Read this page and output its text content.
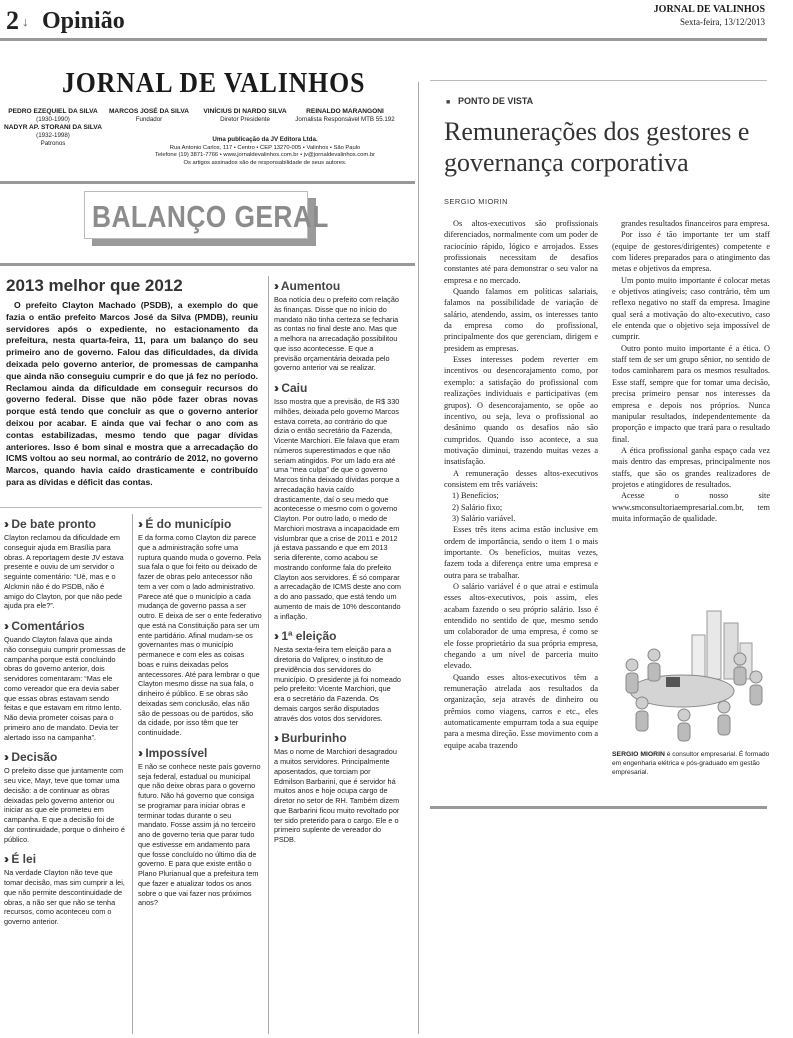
2 ↓ Opinião	JORNAL DE VALINHOS
Sexta-feira, 13/12/2013
JORNAL DE VALINHOS
PEDRO EZEQUIEL DA SILVA
(1930-1990)
NADYR AP. STORANI DA SILVA
(1932-1998)
Patronos
MARCOS JOSÉ DA SILVA
Fundador
VINÍCIUS DI NARDO SILVA
Diretor Presidente
REINALDO MARANGONI
Jornalista Responsável MTB 55.192
Uma publicação da JV Editora Ltda.
Rua Antonio Carlos, 117 • Centro • CEP 13270-005 • Valinhos • São Paulo
Telefone (19) 3871-7766 • www.jornaldevalinhos.com.br • jv@jornaldevalinhos.com.br
Os artigos assinados são de responsabilidade de seus autores.
BALANÇO GERAL
2013 melhor que 2012

O prefeito Clayton Machado (PSDB), a exemplo do que fazia o então prefeito Marcos José da Silva (PMDB), reuniu servidores após o expediente, no estacionamento da prefeitura, nesta quarta-feira, 11, para um balanço do seu primeiro ano de governo. Falou das dificuldades, da dívida deixada pelo governo anterior, de promessas de campanha que ainda não conseguiu cumprir e do que já fez no período. Reclamou ainda da dificuldade em conseguir recursos do governo federal. Disse que não pôde fazer obras novas porque está tendo que concluir as que o governo anterior deixou por acabar. E ainda que vai fechar o ano com as contas estabilizadas, mesmo tendo que pagar dívidas anteriores. Isso é bom sinal e mostra que a arrecadação do ICMS voltou ao seu normal, ao contrário de 2012, no governo Marcos, quando havia caído drasticamente e contribuído para as dívidas e déficit das contas.

›› De bate pronto
Clayton reclamou da dificuldade em conseguir ajuda em Brasília para obras. A reportagem deste JV estava presente e ouviu de um servidor o seguinte comentário: “Ué, mas e o Alckmin não é do PSDB, não é amigo do Clayton, por que não pede ajuda pra ele?”.
›› Comentários
Quando Clayton falava que ainda não conseguiu cumprir promessas de campanha porque está concluindo obras do governo anterior, dois servidores comentaram: “Mas ele como vereador que era devia saber que essas obras estavam sendo feitas e que estavam em ritmo lento. Não devia prometer coisas para o primeiro ano de mandato. Devia ter alertado isso na campanha”.
›› Decisão
O prefeito disse que juntamente com seu vice, Mayr, teve que tomar uma decisão: a de continuar as obras deixadas pelo governo anterior ou iniciar as que ele prometeu em campanha. E que a decisão foi de dar continuidade, porque o dinheiro é público.
›› É lei
Na verdade Clayton não teve que tomar decisão, mas sim cumprir a lei, que não permite descontinuidade de obras, a não ser que não se tenha recursos, como aconteceu com o governo anterior.
›› É do município
E da forma como Clayton diz parece que a administração sofre uma ruptura quando muda o governo. Pela sua fala o que foi feito ou deixado de fazer de obras pelo antecessor não tem a ver com o lado administrativo. Parece até que o município a cada mudança de governo passa a ser outro. E deixa de ser o ente federativo que está na Constituição para ser um ente partidário. Afinal mudam-se os governantes mas o município permanece e com eles as coisas boas e ruins deixadas pelos antecessores. Até para lembrar o que Clayton mesmo disse na sua fala, o dinheiro é público. E se obras são deixadas sem conclusão, elas não são de pessoas ou de partidos, são da cidade, por isso têm que ter continuidade.
›› Impossível
E não se conhece neste país governo seja federal, estadual ou municipal que não deixe obras para o governo futuro. Não há governo que consiga se programar para iniciar obras e terminar todas durante o seu mandato. Fosse assim já no terceiro ano de governo teria que parar tudo que estivesse em andamento para que fosse concluído no último dia de governo. E para que existe então o Plano Plurianual que a prefeitura tem que fazer e atualizar todos os anos sobre o que vai fazer nos próximos anos?
›› Aumentou
Boa notícia deu o prefeito com relação às finanças. Disse que no início do mandato não tinha certeza se fecharia as contas no final deste ano. Mas que a melhora na arrecadação possibilitou que isso acontecesse. E que a previsão orçamentária deixada pelo governo anterior vai se realizar.
›› Caiu
Isso mostra que a previsão, de R$ 330 milhões, deixada pelo governo Marcos estava correta, ao contrário do que dizia o então secretário da Fazenda, Vicente Marchiori. Ele falava que eram números superestimados e que não seriam atingidos. Por um lado era até uma “mea culpa” de que o governo Marcos tinha deixado dívidas porque a arrecadação havia caído drasticamente, daí o seu medo que acontecesse o mesmo com o governo Clayton. Por outro lado, o medo de Marchiori mostrava a incapacidade em vislumbrar que a crise de 2011 e 2012 já estava passando e que em 2013 seria diferente, como acabou se mostrando conforme fala do prefeito Clayton aos servidores. É só comparar a arrecadação de ICMS deste ano com a do ano passado, que está tendo um aumento de mais de 10% descontando a inflação.
›› 1ª eleição
Nesta sexta-feira tem eleição para a diretoria do Valiprev, o instituto de previdência dos servidores do município. O presidente já foi nomeado pelo prefeito: Vicente Marchiori, que era o secretário da Fazenda. Os demais cargos serão disputados através dos votos dos servidores.
›› Burburinho
Mas o nome de Marchiori desagradou a muitos servidores. Principalmente aposentados, que torciam por Edmilson Barbarini, que é servidor há muitos anos e hoje ocupa cargo de diretor no setor de RH. Também dizem que Barbarini ficou muito revoltado por ter sido preterido para o cargo. Ele e o primeiro suplente de vereador do PSDB.
■ PONTO DE VISTA
Remunerações dos gestores e governança corporativa
SERGIO MIORIN

Os altos-executivos são profissionais diferenciados, normalmente com um poder de raciocínio rápido, lógico e arrojados. Esses profissionais necessitam de desafios constantes até para demonstrar o seu valor na empresa e no mercado.

Quando falamos em políticas salariais, falamos na possibilidade de variação de salário, atendendo, assim, os interesses tanto da empresa como do profissional, principalmente dos que gerenciam, dirigem e presidem as empresas.

Esses interesses podem reverter em incentivos ou desencorajamento como, por exemplo: a satisfação do profissional com realizações individuais e participativas (em grupos). O desencorajamento, se opõe ao incentivo, ou seja, leva o profissional ao desânimo quando os desafios não são cumpridos. Quando isso acontece, a sua motivação diminui, trazendo muitas vezes a insatisfação.

A remuneração desses altos-executivos consistem em três variáveis:

1) Benefícios;

2) Salário fixo;

3) Salário variável.

Esses três itens acima estão inclusive em ordem de importância, sendo o item 1 o mais importante. Os benefícios, muitas vezes, fazem toda a diferença entre uma empresa e outra para se trabalhar.

O salário variável é o que atrai e estimula esses altos-executivos, pois assim, eles acabam fazendo o seu próprio salário. Isso é entendido no sentido de que, mesmo sendo um colaborador de uma empresa, é como se ele fosse proprietário da sua própria empresa, chegando a um nível de parceria muito elevado.

Quando esses altos-executivos têm a remuneração atrelada aos resultados da organização, seja através de dinheiro ou prêmios como viagens, carros e etc., eles automaticamente empurram toda a sua equipe para a mesma direção. Esse movimento com a equipe acaba trazendo

grandes resultados financeiros para empresa.

Por isso é tão importante ter um staff (equipe de gestores/dirigentes) competente e com líderes preparados para o atingimento das metas e objetivos da empresa.

Um ponto muito importante é colocar metas e objetivos atingíveis; caso contrário, têm um reflexo negativo no staff da empresa. Imagine qual será a motivação do alto-executivo, caso ele entenda que o objetivo seja impossível de cumprir.

Outro ponto muito importante é a ética. O staff tem de ser um grupo sênior, no sentido de todos caminharem para os mesmos resultados. Esse staff, sempre que for tomar uma decisão, precisa primeiro pensar nos interesses da empresa e depois nos próprios. Nunca manipular resultados, independentemente da proporção e impacto que trará para o resultado final.

A ética profissional ganha espaço cada vez mais dentro das empresas, principalmente nos staffs, que são os grandes realizadores de projetos e atingidores de resultados.

Acesse o nosso site www.smconsultoriaempresarial.com.br, tem muita informação de qualidade.

SERGIO MIORIN é consultor empresarial. É formado em engenharia elétrica e pós-graduado em gestão empresarial.
